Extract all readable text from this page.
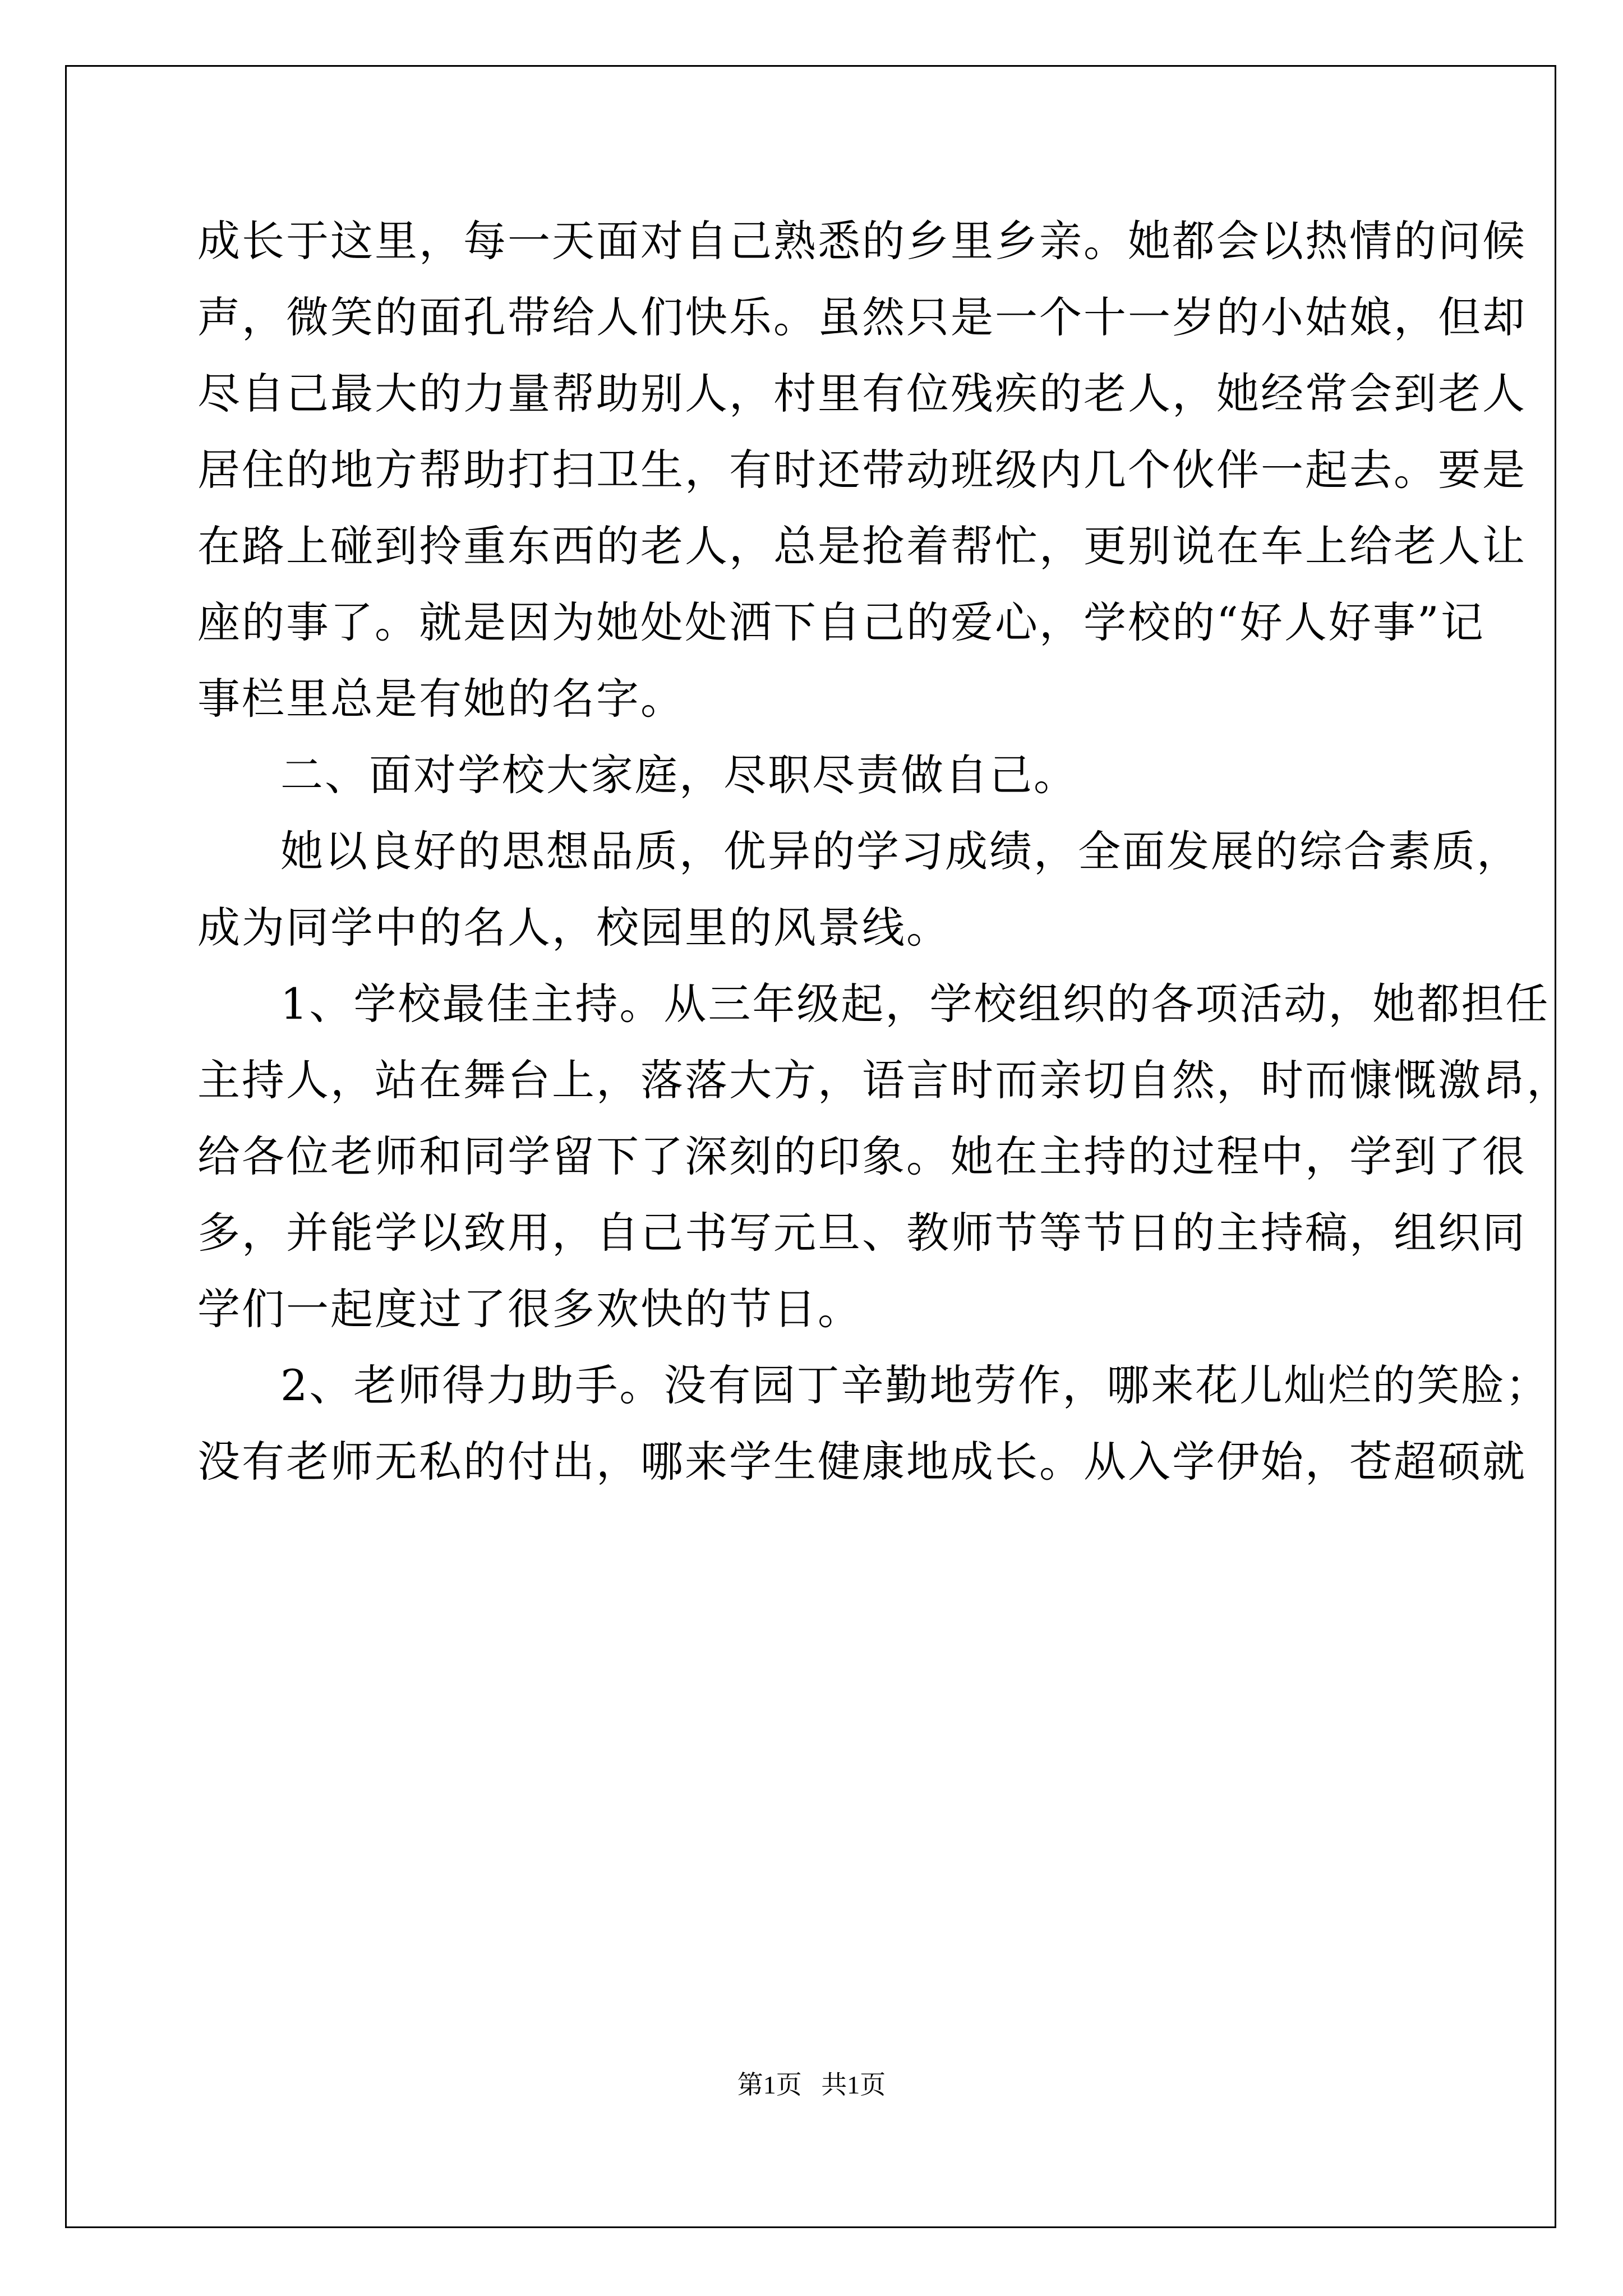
成长于这里，每一天面对自己熟悉的乡里乡亲。她都会以热情的问候
声，微笑的面孔带给人们快乐。虽然只是一个十一岁的小姑娘，但却
尽自己最大的力量帮助别人，村里有位残疾的老人，她经常会到老人
居住的地方帮助打扫卫生，有时还带动班级内几个伙伴一起去。要是
在路上碰到拎重东西的老人，总是抢着帮忙，更别说在车上给老人让
座的事了。就是因为她处处洒下自己的爱心，学校的“好人好事”记
事栏里总是有她的名字。
二、面对学校大家庭，尽职尽责做自己。
她以良好的思想品质，优异的学习成绩，全面发展的综合素质，
成为同学中的名人，校园里的风景线。
1、学校最佳主持。从三年级起，学校组织的各项活动，她都担任
主持人，站在舞台上，落落大方，语言时而亲切自然，时而慷慨激昂，
给各位老师和同学留下了深刻的印象。她在主持的过程中，学到了很
多，并能学以致用，自己书写元旦、教师节等节日的主持稿，组织同
学们一起度过了很多欢快的节日。
2、老师得力助手。没有园丁辛勤地劳作，哪来花儿灿烂的笑脸；
没有老师无私的付出，哪来学生健康地成长。从入学伊始，苍超硕就
第1页   共1页
